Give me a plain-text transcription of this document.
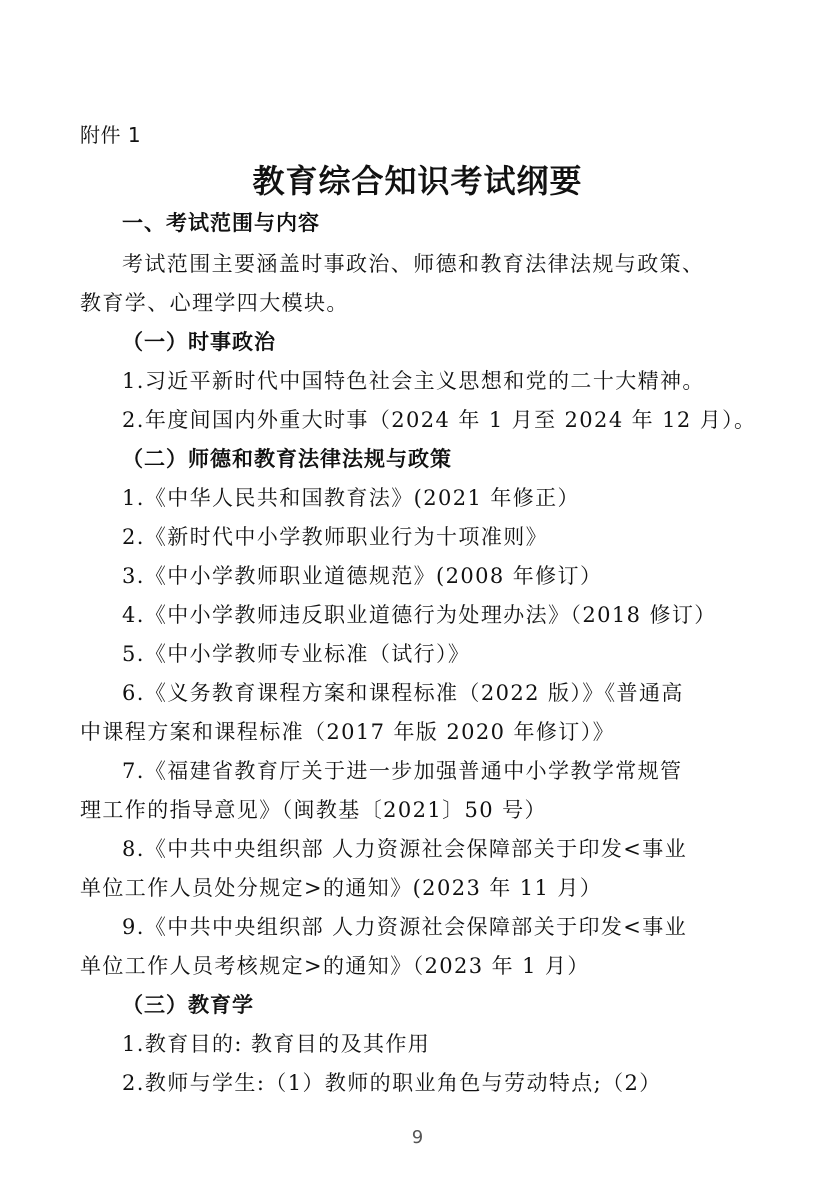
附件 1
教育综合知识考试纲要
一、考试范围与内容
考试范围主要涵盖时事政治、师德和教育法律法规与政策、
教育学、心理学四大模块。
（一）时事政治
1.习近平新时代中国特色社会主义思想和党的二十大精神。
2.年度间国内外重大时事（2024 年 1 月至 2024 年 12 月）。
（二）师德和教育法律法规与政策
1.《中华人民共和国教育法》(2021 年修正）
2.《新时代中小学教师职业行为十项准则》
3.《中小学教师职业道德规范》(2008 年修订）
4.《中小学教师违反职业道德行为处理办法》（2018 修订）
5.《中小学教师专业标准（试行）》
6.《义务教育课程方案和课程标准（2022 版）》《普通高
中课程方案和课程标准（2017 年版 2020 年修订）》
7.《福建省教育厅关于进一步加强普通中小学教学常规管
理工作的指导意见》（闽教基〔2021〕50 号）
8.《中共中央组织部 人力资源社会保障部关于印发<事业
单位工作人员处分规定>的通知》(2023 年 11 月）
9.《中共中央组织部 人力资源社会保障部关于印发<事业
单位工作人员考核规定>的通知》（2023 年 1 月）
（三）教育学
1.教育目的: 教育目的及其作用
2.教师与学生:（1）教师的职业角色与劳动特点;（2）
9
